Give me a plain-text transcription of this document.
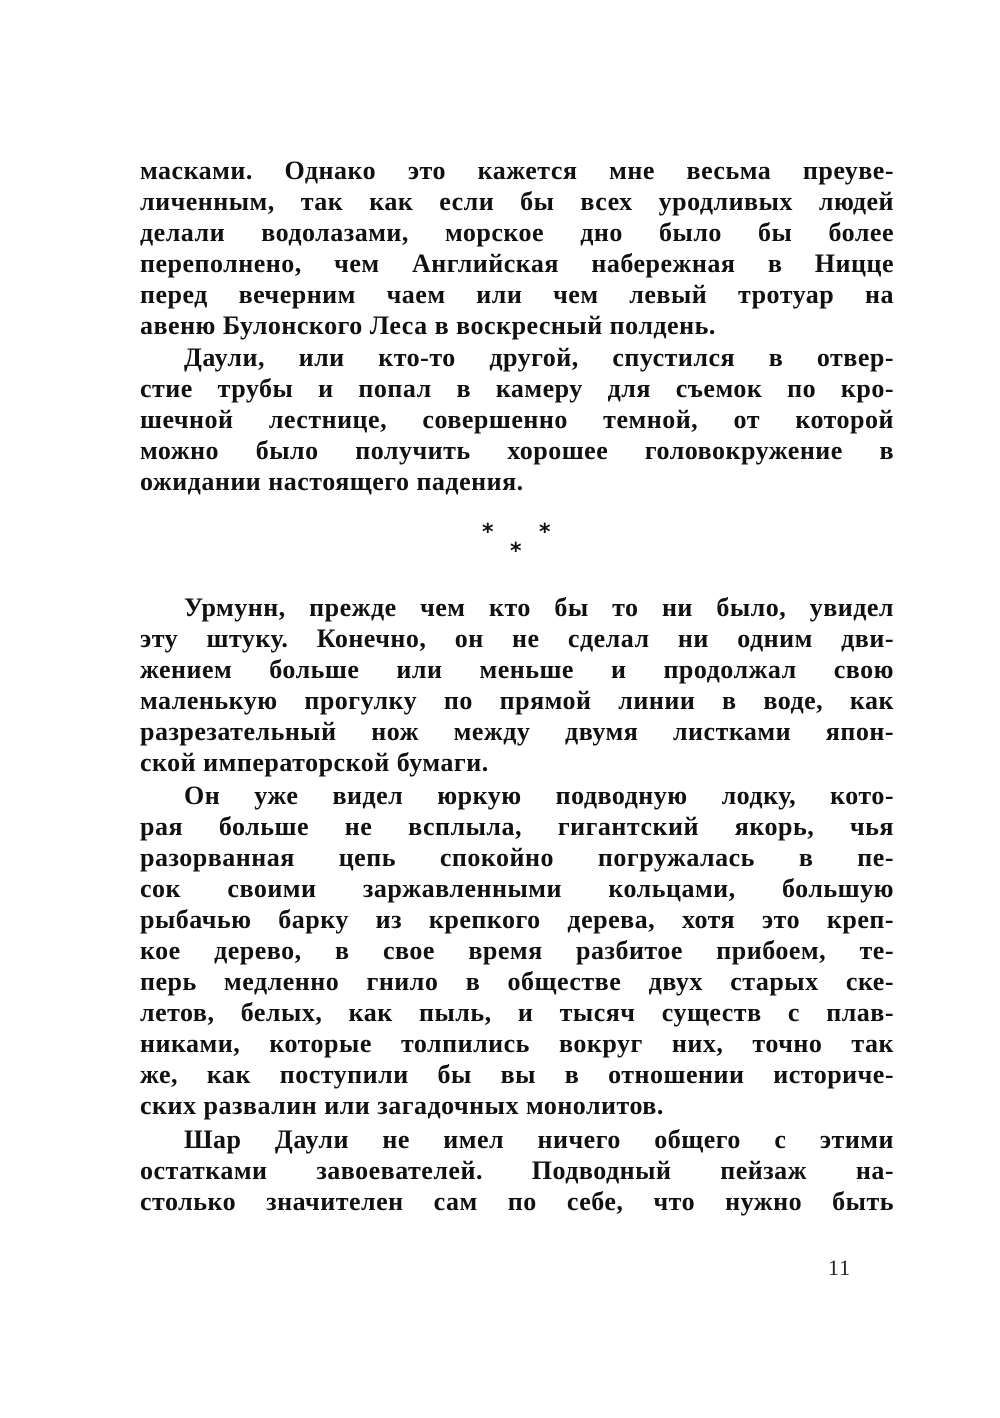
масками. Однако это кажется мне весьма преуве-
личенным, так как если бы всех уродливых людей
делали водолазами, морское дно было бы более
переполнено, чем Английская набережная в Ницце
перед вечерним чаем или чем левый тротуар на
авеню Булонского Леса в воскресный полдень.

Даули, или кто-то другой, спустился в отвер-
стие трубы и попал в камеру для съемок по кро-
шечной лестнице, совершенно темной, от которой
можно было получить хорошее головокружение в
ожидании настоящего падения.

* *
*

Урмунн, прежде чем кто бы то ни было, увидел
эту штуку. Конечно, он не сделал ни одним дви-
жением больше или меньше и продолжал свою
маленькую прогулку по прямой линии в воде, как
разрезательный нож между двумя листками япон-
ской императорской бумаги.

Он уже видел юркую подводную лодку, кото-
рая больше не всплыла, гигантский якорь, чья
разорванная цепь спокойно погружалась в пе-
сок своими заржавленными кольцами, большую
рыбачью барку из крепкого дерева, хотя это креп-
кое дерево, в свое время разбитое прибоем, те-
перь медленно гнило в обществе двух старых ске-
летов, белых, как пыль, и тысяч существ с плав-
никами, которые толпились вокруг них, точно так
же, как поступили бы вы в отношении историче-
ских развалин или загадочных монолитов.

Шар Даули не имел ничего общего с этими
остатками завоевателей. Подводный пейзаж на-
столько значителен сам по себе, что нужно быть

11
